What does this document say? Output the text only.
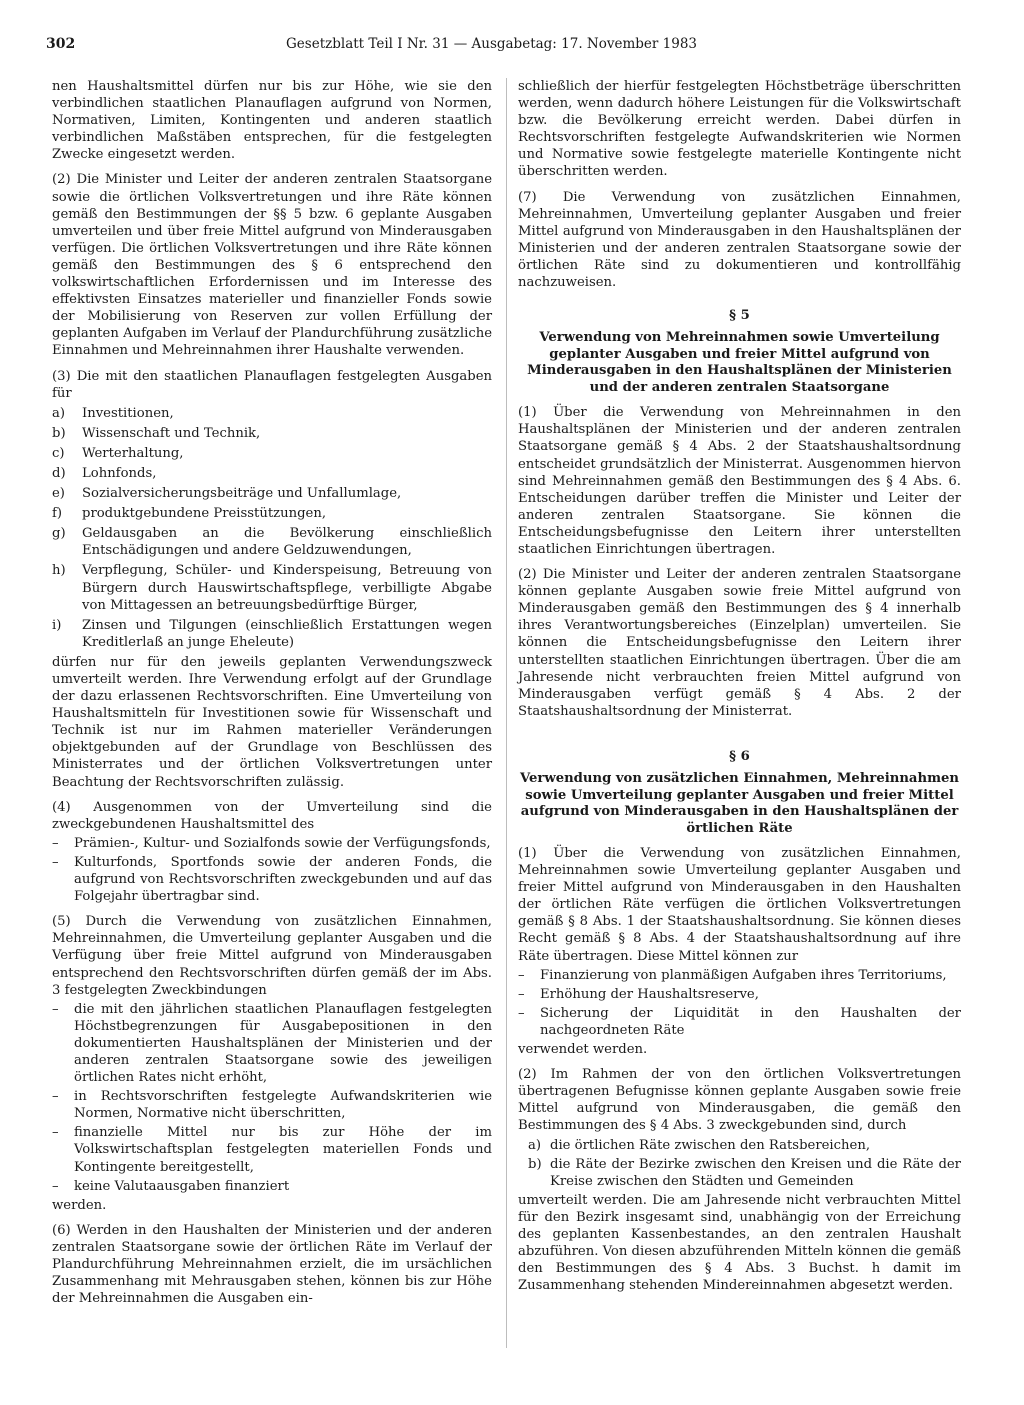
302	Gesetzblatt Teil I Nr. 31 — Ausgabetag: 17. November 1983

nen Haushaltsmittel dürfen nur bis zur Höhe, wie sie den verbindlichen staatlichen Planauflagen aufgrund von Normen, Normativen, Limiten, Kontingenten und anderen staatlich verbindlichen Maßstäben entsprechen, für die festgelegten Zwecke eingesetzt werden.

(2) Die Minister und Leiter der anderen zentralen Staatsorgane sowie die örtlichen Volksvertretungen und ihre Räte können gemäß den Bestimmungen der §§ 5 bzw. 6 geplante Ausgaben umverteilen und über freie Mittel aufgrund von Minderausgaben verfügen. Die örtlichen Volksvertretungen und ihre Räte können gemäß den Bestimmungen des § 6 entsprechend den volkswirtschaftlichen Erfordernissen und im Interesse des effektivsten Einsatzes materieller und finanzieller Fonds sowie der Mobilisierung von Reserven zur vollen Erfüllung der geplanten Aufgaben im Verlauf der Plandurchführung zusätzliche Einnahmen und Mehreinnahmen ihrer Haushalte verwenden.

(3) Die mit den staatlichen Planauflagen festgelegten Ausgaben für

a)	Investitionen,
b)	Wissenschaft und Technik,
c)	Werterhaltung,
d)	Lohnfonds,
e)	Sozialversicherungsbeiträge und Unfallumlage,
f)	produktgebundene Preisstützungen,
g)	Geldausgaben an die Bevölkerung einschließlich Entschädigungen und andere Geldzuwendungen,
h)	Verpflegung, Schüler- und Kinderspeisung, Betreuung von Bürgern durch Hauswirtschaftspflege, verbilligte Abgabe von Mittagessen an betreuungsbedürftige Bürger,
i)	Zinsen und Tilgungen (einschließlich Erstattungen wegen Kreditlerlaß an junge Eheleute)

dürfen nur für den jeweils geplanten Verwendungszweck umverteilt werden. Ihre Verwendung erfolgt auf der Grundlage der dazu erlassenen Rechtsvorschriften. Eine Umverteilung von Haushaltsmitteln für Investitionen sowie für Wissenschaft und Technik ist nur im Rahmen materieller Veränderungen objektgebunden auf der Grundlage von Beschlüssen des Ministerrates und der örtlichen Volksvertretungen unter Beachtung der Rechtsvorschriften zulässig.

(4) Ausgenommen von der Umverteilung sind die zweckgebundenen Haushaltsmittel des

–	Prämien-, Kultur- und Sozialfonds sowie der Verfügungsfonds,
–	Kulturfonds, Sportfonds sowie der anderen Fonds, die aufgrund von Rechtsvorschriften zweckgebunden und auf das Folgejahr übertragbar sind.

(5) Durch die Verwendung von zusätzlichen Einnahmen, Mehreinnahmen, die Umverteilung geplanter Ausgaben und die Verfügung über freie Mittel aufgrund von Minderausgaben entsprechend den Rechtsvorschriften dürfen gemäß der im Abs. 3 festgelegten Zweckbindungen

–	die mit den jährlichen staatlichen Planauflagen festgelegten Höchstbegrenzungen für Ausgabepositionen in den dokumentierten Haushaltsplänen der Ministerien und der anderen zentralen Staatsorgane sowie des jeweiligen örtlichen Rates nicht erhöht,
–	in Rechtsvorschriften festgelegte Aufwandskriterien wie Normen, Normative nicht überschritten,
–	finanzielle Mittel nur bis zur Höhe der im Volkswirtschaftsplan festgelegten materiellen Fonds und Kontingente bereitgestellt,
–	keine Valutaausgaben finanziert

werden.

(6) Werden in den Haushalten der Ministerien und der anderen zentralen Staatsorgane sowie der örtlichen Räte im Verlauf der Plandurchführung Mehreinnahmen erzielt, die im ursächlichen Zusammenhang mit Mehrausgaben stehen, können bis zur Höhe der Mehreinnahmen die Ausgaben ein-

schließlich der hierfür festgelegten Höchstbeträge überschritten werden, wenn dadurch höhere Leistungen für die Volkswirtschaft bzw. die Bevölkerung erreicht werden. Dabei dürfen in Rechtsvorschriften festgelegte Aufwandskriterien wie Normen und Normative sowie festgelegte materielle Kontingente nicht überschritten werden.

(7) Die Verwendung von zusätzlichen Einnahmen, Mehreinnahmen, Umverteilung geplanter Ausgaben und freier Mittel aufgrund von Minderausgaben in den Haushaltsplänen der Ministerien und der anderen zentralen Staatsorgane sowie der örtlichen Räte sind zu dokumentieren und kontrollfähig nachzuweisen.

§ 5
Verwendung von Mehreinnahmen sowie Umverteilung geplanter Ausgaben und freier Mittel aufgrund von Minderausgaben in den Haushaltsplänen der Ministerien und der anderen zentralen Staatsorgane

(1) Über die Verwendung von Mehreinnahmen in den Haushaltsplänen der Ministerien und der anderen zentralen Staatsorgane gemäß § 4 Abs. 2 der Staatshaushaltsordnung entscheidet grundsätzlich der Ministerrat. Ausgenommen hiervon sind Mehreinnahmen gemäß den Bestimmungen des § 4 Abs. 6. Entscheidungen darüber treffen die Minister und Leiter der anderen zentralen Staatsorgane. Sie können die Entscheidungsbefugnisse den Leitern ihrer unterstellten staatlichen Einrichtungen übertragen.

(2) Die Minister und Leiter der anderen zentralen Staatsorgane können geplante Ausgaben sowie freie Mittel aufgrund von Minderausgaben gemäß den Bestimmungen des § 4 innerhalb ihres Verantwortungsbereiches (Einzelplan) umverteilen. Sie können die Entscheidungsbefugnisse den Leitern ihrer unterstellten staatlichen Einrichtungen übertragen. Über die am Jahresende nicht verbrauchten freien Mittel aufgrund von Minderausgaben verfügt gemäß § 4 Abs. 2 der Staatshaushaltsordnung der Ministerrat.

§ 6
Verwendung von zusätzlichen Einnahmen, Mehreinnahmen sowie Umverteilung geplanter Ausgaben und freier Mittel aufgrund von Minderausgaben in den Haushaltsplänen der örtlichen Räte

(1) Über die Verwendung von zusätzlichen Einnahmen, Mehreinnahmen sowie Umverteilung geplanter Ausgaben und freier Mittel aufgrund von Minderausgaben in den Haushalten der örtlichen Räte verfügen die örtlichen Volksvertretungen gemäß § 8 Abs. 1 der Staatshaushaltsordnung. Sie können dieses Recht gemäß § 8 Abs. 4 der Staatshaushaltsordnung auf ihre Räte übertragen. Diese Mittel können zur

–	Finanzierung von planmäßigen Aufgaben ihres Territoriums,
–	Erhöhung der Haushaltsreserve,
–	Sicherung der Liquidität in den Haushalten der nachgeordneten Räte

verwendet werden.

(2) Im Rahmen der von den örtlichen Volksvertretungen übertragenen Befugnisse können geplante Ausgaben sowie freie Mittel aufgrund von Minderausgaben, die gemäß den Bestimmungen des § 4 Abs. 3 zweckgebunden sind, durch

a) die örtlichen Räte zwischen den Ratsbereichen,
b) die Räte der Bezirke zwischen den Kreisen und die Räte der Kreise zwischen den Städten und Gemeinden

umverteilt werden. Die am Jahresende nicht verbrauchten Mittel für den Bezirk insgesamt sind, unabhängig von der Erreichung des geplanten Kassenbestandes, an den zentralen Haushalt abzuführen. Von diesen abzuführenden Mitteln können die gemäß den Bestimmungen des § 4 Abs. 3 Buchst. h damit im Zusammenhang stehenden Mindereinnahmen abgesetzt werden.
